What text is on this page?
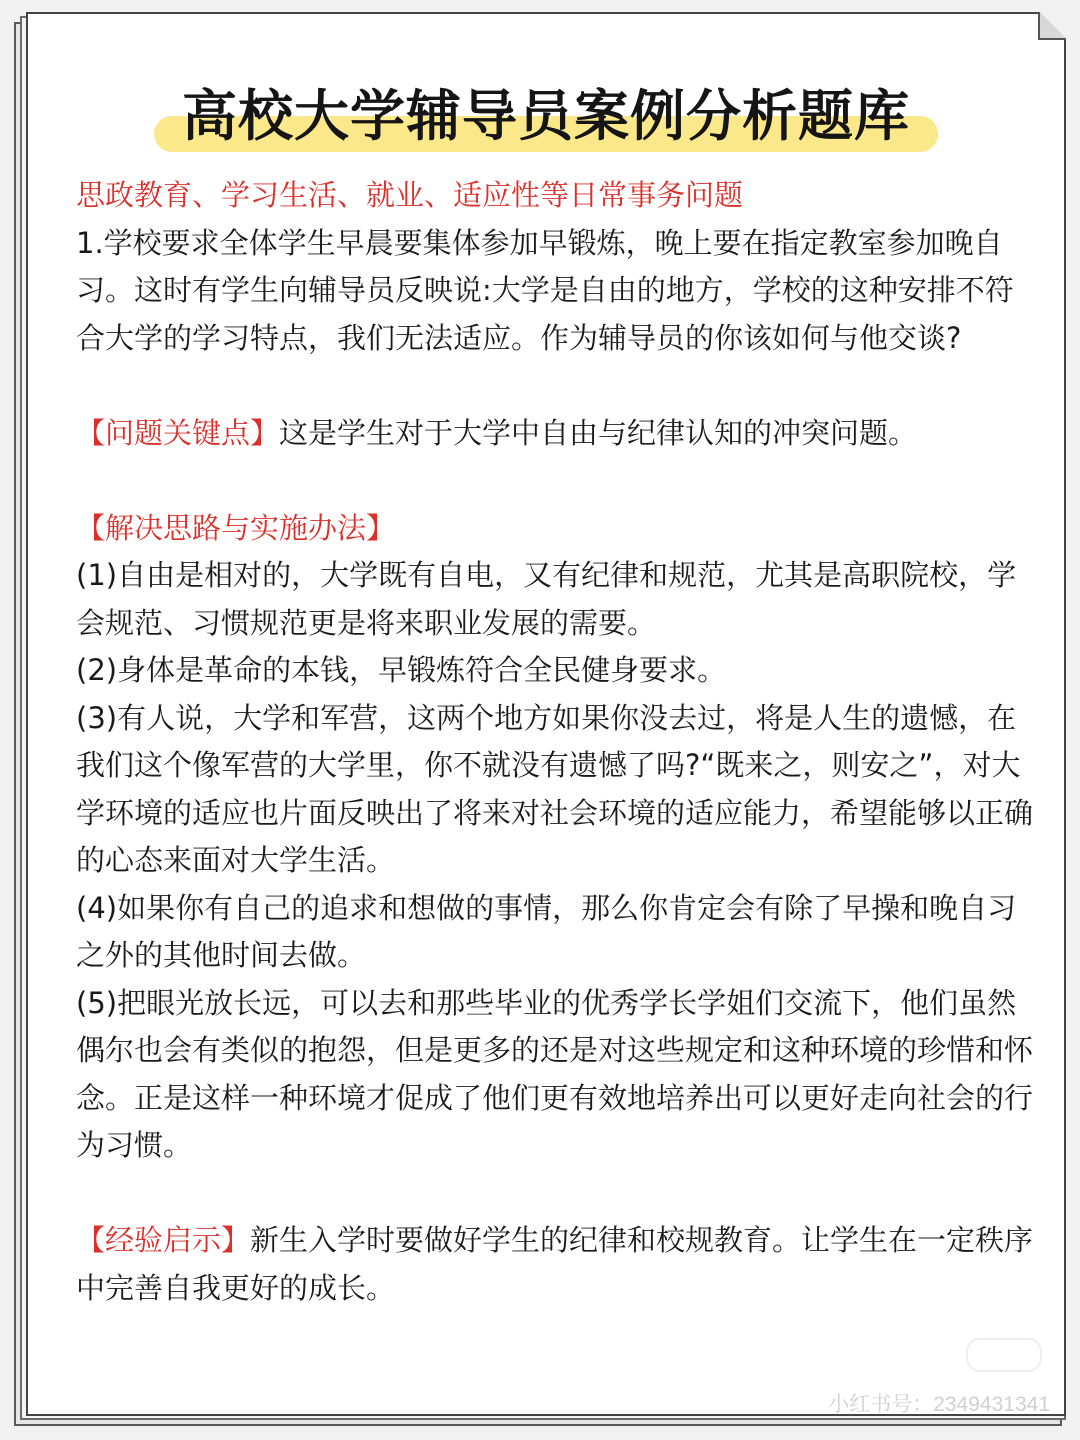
高校大学辅导员案例分析题库

思政教育、学习生活、就业、适应性等日常事务问题

1.学校要求全体学生早晨要集体参加早锻炼，晚上要在指定教室参加晚自习。这时有学生向辅导员反映说:大学是自由的地方，学校的这种安排不符合大学的学习特点，我们无法适应。作为辅导员的你该如何与他交谈?

【问题关键点】这是学生对于大学中自由与纪律认知的冲突问题。

【解决思路与实施办法】

(1)自由是相对的，大学既有自电，又有纪律和规范，尤其是高职院校，学会规范、习惯规范更是将来职业发展的需要。

(2)身体是革命的本钱，早锻炼符合全民健身要求。

(3)有人说，大学和军营，这两个地方如果你没去过，将是人生的遗憾，在我们这个像军营的大学里，你不就没有遗憾了吗?“既来之，则安之”，对大学环境的适应也片面反映出了将来对社会环境的适应能力，希望能够以正确的心态来面对大学生活。

(4)如果你有自己的追求和想做的事情，那么你肯定会有除了早操和晚自习之外的其他时间去做。

(5)把眼光放长远，可以去和那些毕业的优秀学长学姐们交流下，他们虽然偶尔也会有类似的抱怨，但是更多的还是对这些规定和这种环境的珍惜和怀念。正是这样一种环境才促成了他们更有效地培养出可以更好走向社会的行为习惯。

【经验启示】新生入学时要做好学生的纪律和校规教育。让学生在一定秩序中完善自我更好的成长。

小红书号：2349431341
